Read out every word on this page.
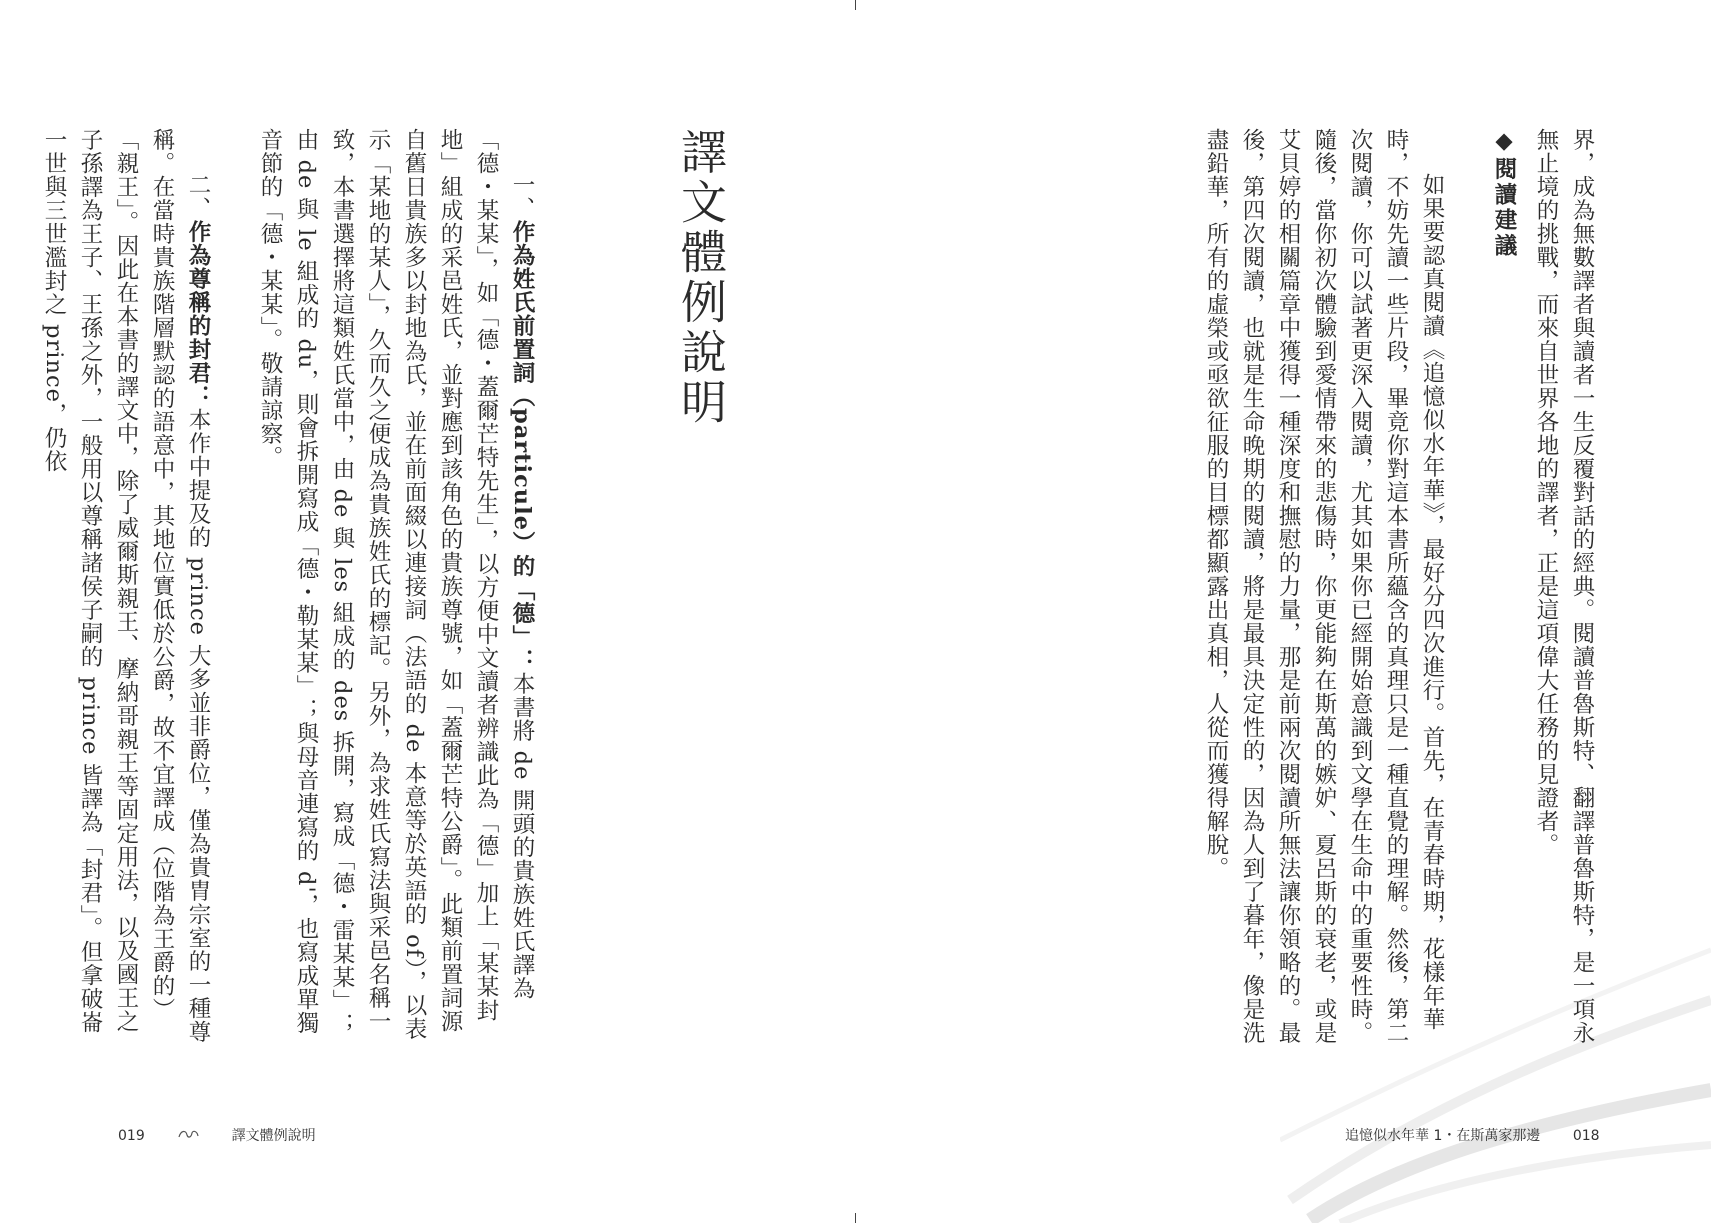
界，成為無數譯者與讀者一生反覆對話的經典。閱讀普魯斯特、翻譯普魯斯特，是一項永無止境的挑戰，而來自世界各地的譯者，正是這項偉大任務的見證者。

◆閱讀建議

如果要認真閱讀《追憶似水年華》，最好分四次進行。首先，在青春時期，花樣年華時，不妨先讀一些片段，畢竟你對這本書所蘊含的真理只是一種直覺的理解。然後，第二次閱讀，你可以試著更深入閱讀，尤其如果你已經開始意識到文學在生命中的重要性時。隨後，當你初次體驗到愛情帶來的悲傷時，你更能夠在斯萬的嫉妒、夏呂斯的衰老，或是艾貝婷的相關篇章中獲得一種深度和撫慰的力量，那是前兩次閱讀所無法讓你領略的。最後，第四次閱讀，也就是生命晚期的閱讀，將是最具決定性的，因為人到了暮年，像是洗盡鉛華，所有的虛榮或亟欲征服的目標都顯露出真相，人從而獲得解脫。

追憶似水年華 1・在斯萬家那邊 018
譯文體例說明

一、作為姓氏前置詞（particule）的「德」：本書將 de 開頭的貴族姓氏譯為「德・某某」，如「德・蓋爾芒特先生」，以方便中文讀者辨識此為「德」加上「某某封地」組成的采邑姓氏，並對應到該角色的貴族尊號，如「蓋爾芒特公爵」。此類前置詞源自舊日貴族多以封地為氏，並在前面綴以連接詞（法語的 de 本意等於英語的 of），以表示「某地的某人」，久而久之便成為貴族姓氏的標記。另外，為求姓氏寫法與采邑名稱一致，本書選擇將這類姓氏當中，由 de 與 les 組成的 des 拆開，寫成「德・雷某某」；由 de 與 le 組成的 du，則會拆開寫成「德・勒某某」；與母音連寫的 d'，也寫成單獨音節的「德・某某」。敬請諒察。

二、作為尊稱的封君：本作中提及的 prince 大多並非爵位，僅為貴胄宗室的一種尊稱。在當時貴族階層默認的語意中，其地位實低於公爵，故不宜譯成（位階為王爵的）「親王」。因此在本書的譯文中，除了威爾斯親王、摩納哥親王等固定用法，以及國王之子孫譯為王子、王孫之外，一般用以尊稱諸侯子嗣的 prince 皆譯為「封君」。但拿破崙一世與三世濫封之 prince，仍依

019	譯文體例說明
